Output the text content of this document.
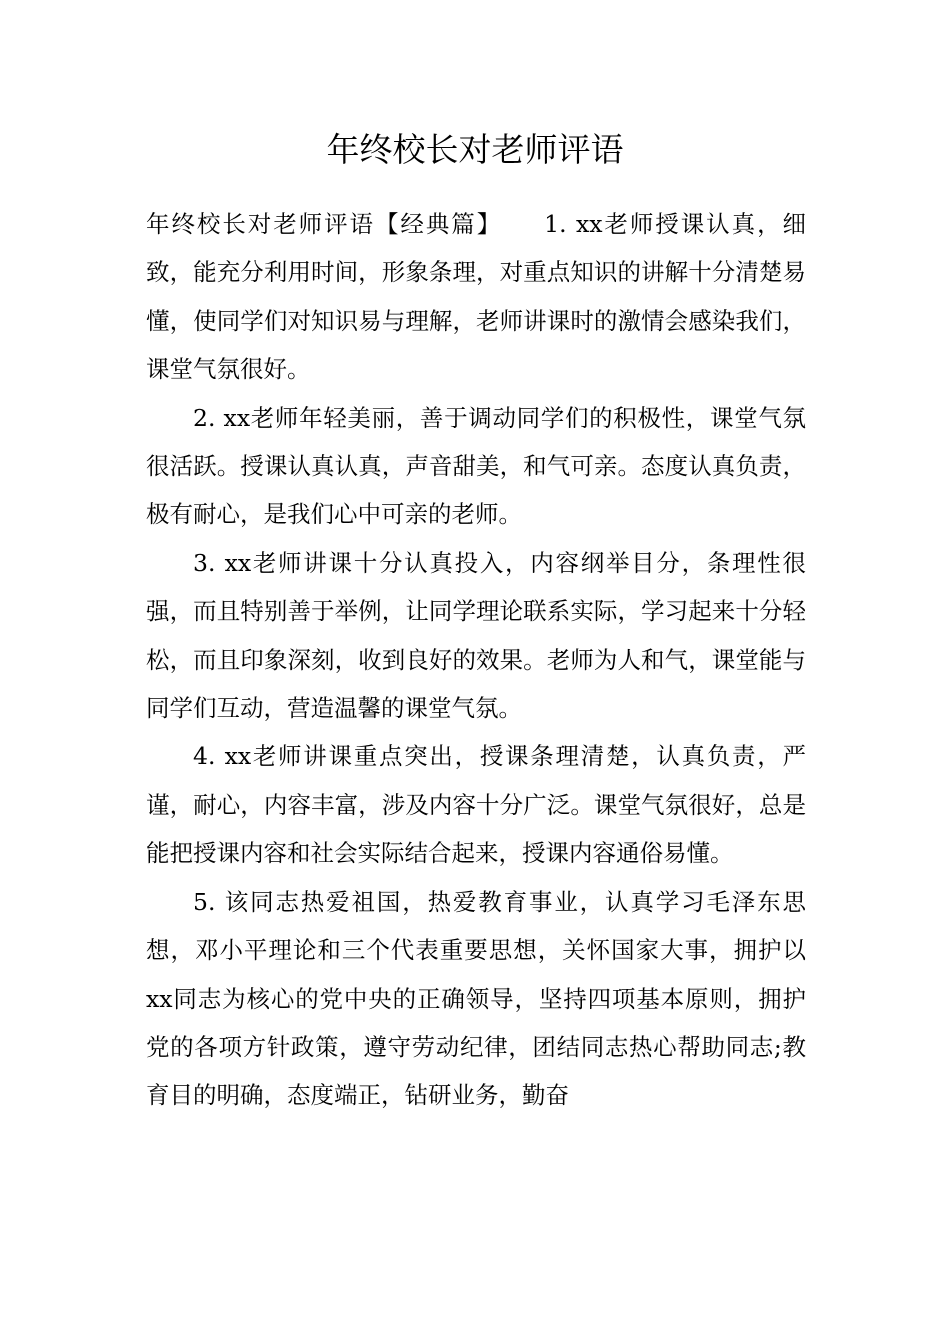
年终校长对老师评语

年终校长对老师评语【经典篇】 1. xx老师授课认真，细致，能充分利用时间，形象条理，对重点知识的讲解十分清楚易懂，使同学们对知识易与理解，老师讲课时的激情会感染我们，课堂气氛很好。

2. xx老师年轻美丽，善于调动同学们的积极性，课堂气氛很活跃。授课认真认真，声音甜美，和气可亲。态度认真负责，极有耐心，是我们心中可亲的老师。

3. xx老师讲课十分认真投入，内容纲举目分，条理性很强，而且特别善于举例，让同学理论联系实际，学习起来十分轻松，而且印象深刻，收到良好的效果。老师为人和气，课堂能与同学们互动，营造温馨的课堂气氛。

4. xx老师讲课重点突出，授课条理清楚，认真负责，严谨，耐心，内容丰富，涉及内容十分广泛。课堂气氛很好，总是能把授课内容和社会实际结合起来，授课内容通俗易懂。

5. 该同志热爱祖国，热爱教育事业，认真学习毛泽东思想，邓小平理论和三个代表重要思想，关怀国家大事，拥护以xx同志为核心的党中央的正确领导，坚持四项基本原则，拥护党的各项方针政策，遵守劳动纪律，团结同志热心帮助同志;教育目的明确，态度端正，钻研业务，勤奋
